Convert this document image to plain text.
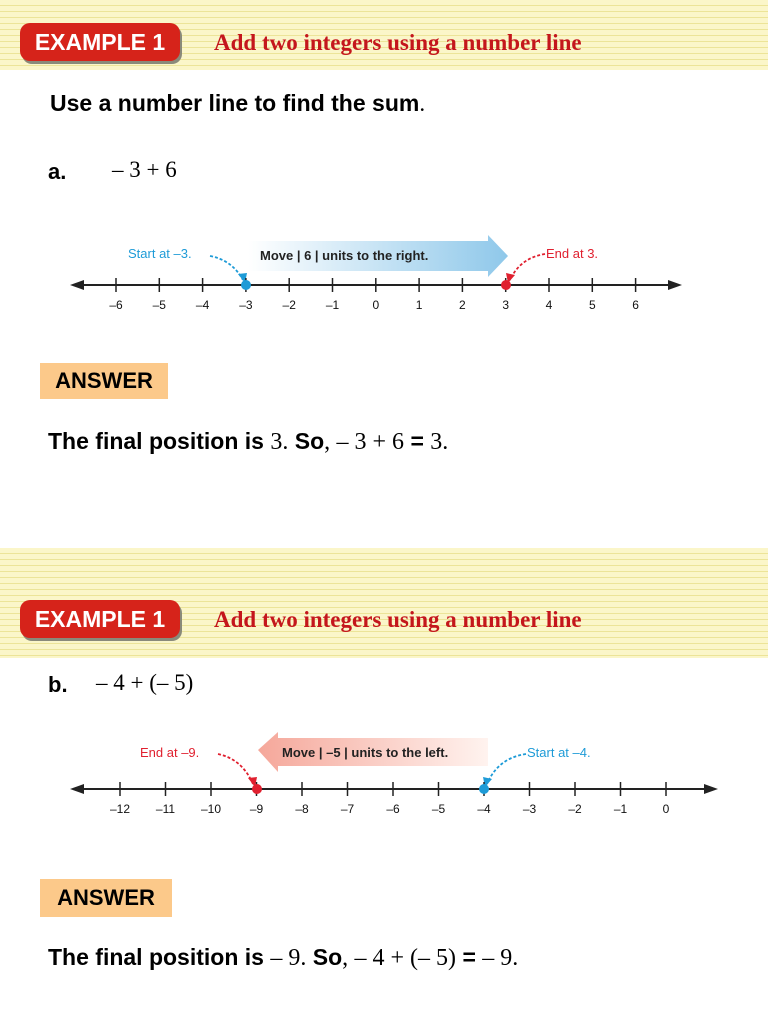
EXAMPLE 1	Add two integers using a number line
Use a number line to find the sum.
a. – 3 + 6
Move | 6 | units to the right.
Start at –3.	End at 3.
–6 –5 –4 –3 –2 –1	0	1	2	3	4	5	6
ANSWER
The final position is 3. So, – 3 + 6 = 3.
EXAMPLE 1	Add two integers using a number line
b. – 4 + (– 5)
Move | –5 | units to the left.
End at –9.	Start at –4.
–12 –11 –10 –9	–8	–7	–6	–5	–4	–3	–2	–1	0
ANSWER
The final position is – 9. So, – 4 + (– 5) = – 9.
